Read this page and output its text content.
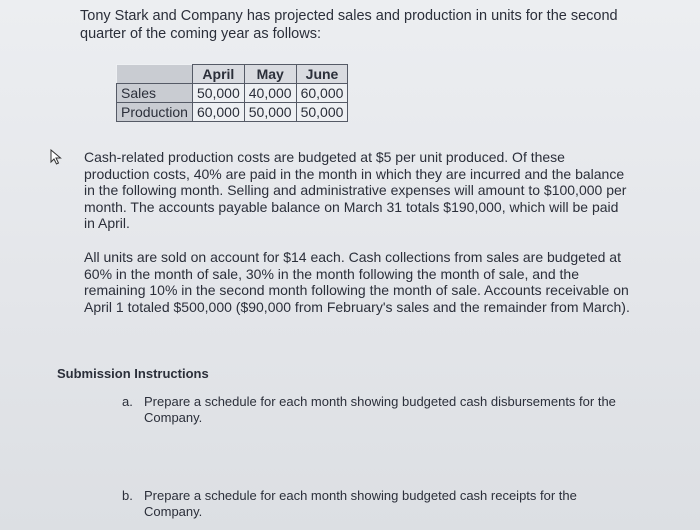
Tony Stark and Company has projected sales and production in units for the second quarter of the coming year as follows:

	April	May	June
Sales	50,000	40,000	60,000
Production	60,000	50,000	50,000

Cash-related production costs are budgeted at $5 per unit produced. Of these production costs, 40% are paid in the month in which they are incurred and the balance in the following month. Selling and administrative expenses will amount to $100,000 per month. The accounts payable balance on March 31 totals $190,000, which will be paid in April.

All units are sold on account for $14 each. Cash collections from sales are budgeted at 60% in the month of sale, 30% in the month following the month of sale, and the remaining 10% in the second month following the month of sale. Accounts receivable on April 1 totaled $500,000 ($90,000 from February's sales and the remainder from March).

Submission Instructions

a. Prepare a schedule for each month showing budgeted cash disbursements for the Company.

b. Prepare a schedule for each month showing budgeted cash receipts for the Company.
